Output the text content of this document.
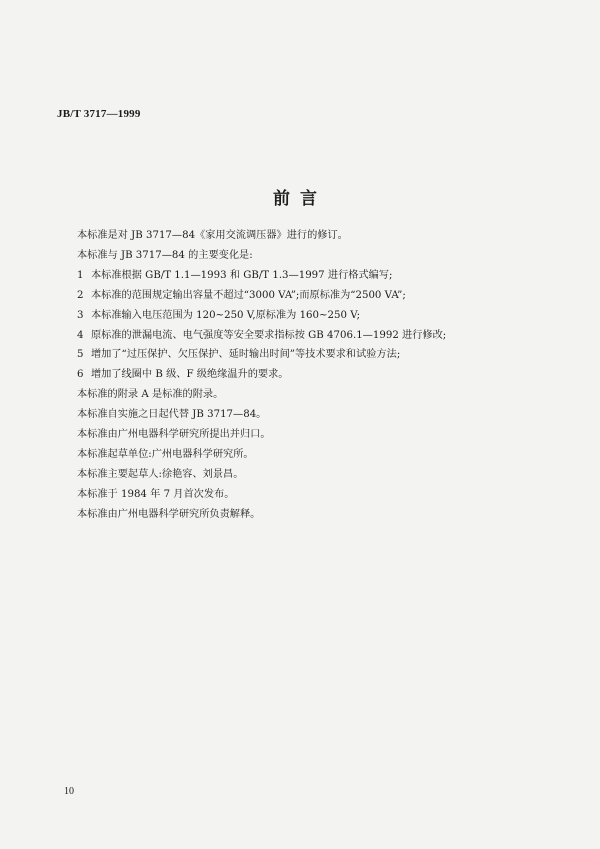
JB/T 3717—1999
前言
本标准是对 JB 3717—84《家用交流调压器》进行的修订。
本标准与 JB 3717—84 的主要变化是:
1 本标准根据 GB/T 1.1—1993 和 GB/T 1.3—1997 进行格式编写;
2 本标准的范围规定输出容量不超过“3000 VA”;而原标准为“2500 VA”;
3 本标准输入电压范围为 120~250 V,原标准为 160~250 V;
4 原标准的泄漏电流、电气强度等安全要求指标按 GB 4706.1—1992 进行修改;
5 增加了“过压保护、欠压保护、延时输出时间”等技术要求和试验方法;
6 增加了线圈中 B 级、F 级绝缘温升的要求。
本标准的附录 A 是标准的附录。
本标准自实施之日起代替 JB 3717—84。
本标准由广州电器科学研究所提出并归口。
本标准起草单位:广州电器科学研究所。
本标准主要起草人:徐艳容、刘景昌。
本标准于 1984 年 7 月首次发布。
本标准由广州电器科学研究所负责解释。
10
